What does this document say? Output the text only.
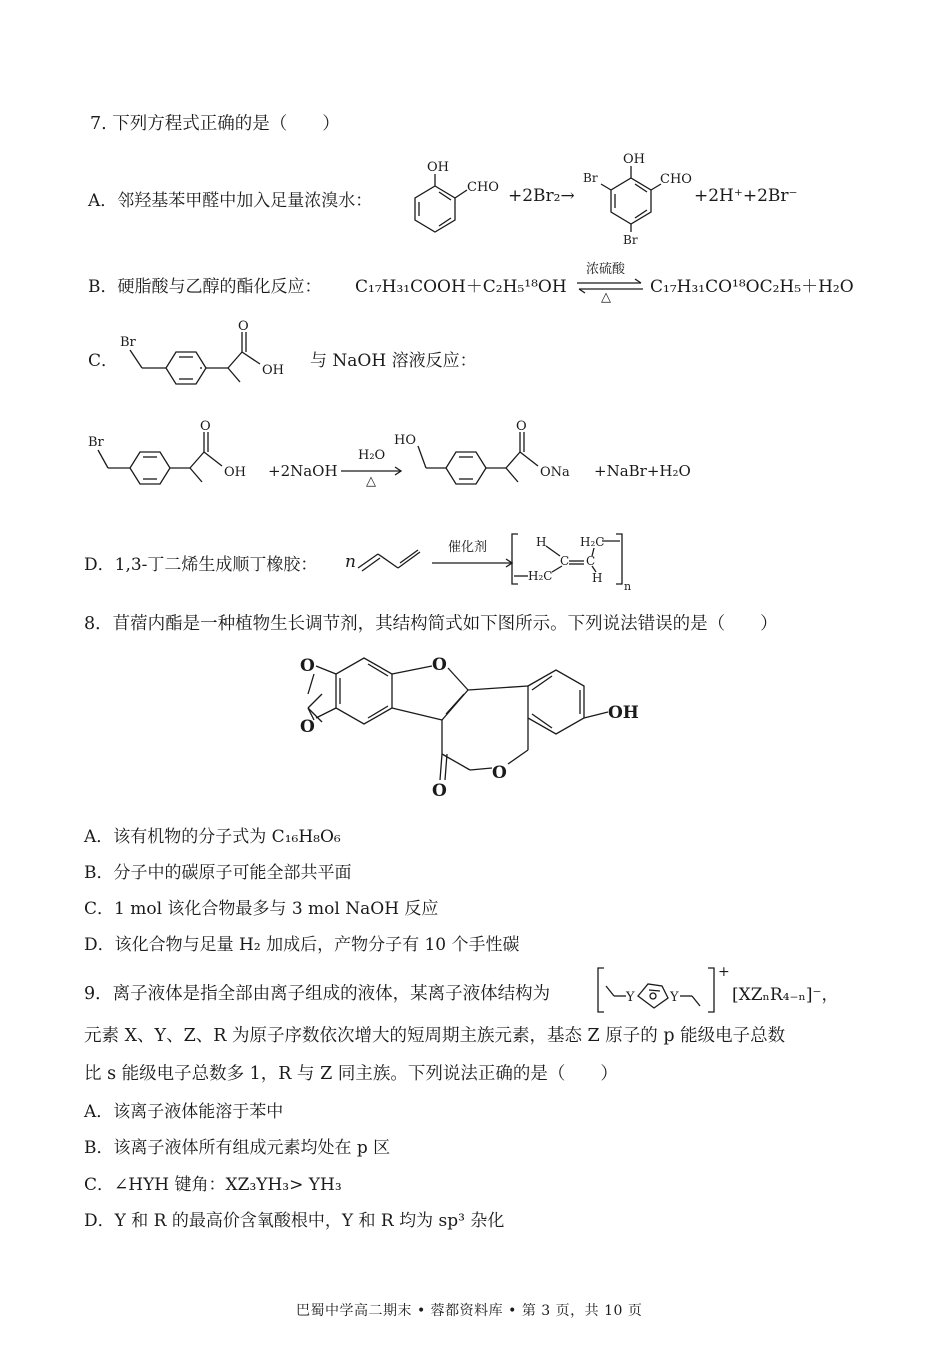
7. 下列方程式正确的是（　　）
A．邻羟基苯甲醛中加入足量浓溴水：
OH
CHO +2Br₂→
OH
CHO
Br
Br
+2H⁺+2Br⁻
B．硬脂酸与乙醇的酯化反应： C₁₇H₃₁COOH＋C₂H₅¹⁸OH
浓硫酸
△
C₁₇H₃₁CO¹⁸OC₂H₅＋H₂O
C．
Br
O
OH 与 NaOH 溶液反应：
Br
O
OH +2NaOH
H₂O
△
HO
O
ONa +NaBr+H₂O
D．1,3-丁二烯生成顺丁橡胶： n
催化剂	H	H₂C
C C
H₂C	H
n
8．苜蓿内酯是一种植物生长调节剂，其结构简式如下图所示。下列说法错误的是（　　）
O
O
O
O
O
OH
A．该有机物的分子式为 C₁₆H₈O₆
B．分子中的碳原子可能全部共平面
C．1 mol 该化合物最多与 3 mol NaOH 反应
D．该化合物与足量 H₂ 加成后，产物分子有 10 个手性碳
9．离子液体是指全部由离子组成的液体，某离子液体结构为
+
Y	Y	[XZₙR₄₋ₙ]⁻，
元素 X、Y、Z、R 为原子序数依次增大的短周期主族元素，基态 Z 原子的 p 能级电子总数
比 s 能级电子总数多 1，R 与 Z 同主族。下列说法正确的是（　　）
A．该离子液体能溶于苯中
B．该离子液体所有组成元素均处在 p 区
C．∠HYH 键角：XZ₃YH₃> YH₃
D．Y 和 R 的最高价含氧酸根中，Y 和 R 均为 sp³ 杂化
巴蜀中学高二期末 • 蓉都资料库 • 第 3 页，共 10 页
